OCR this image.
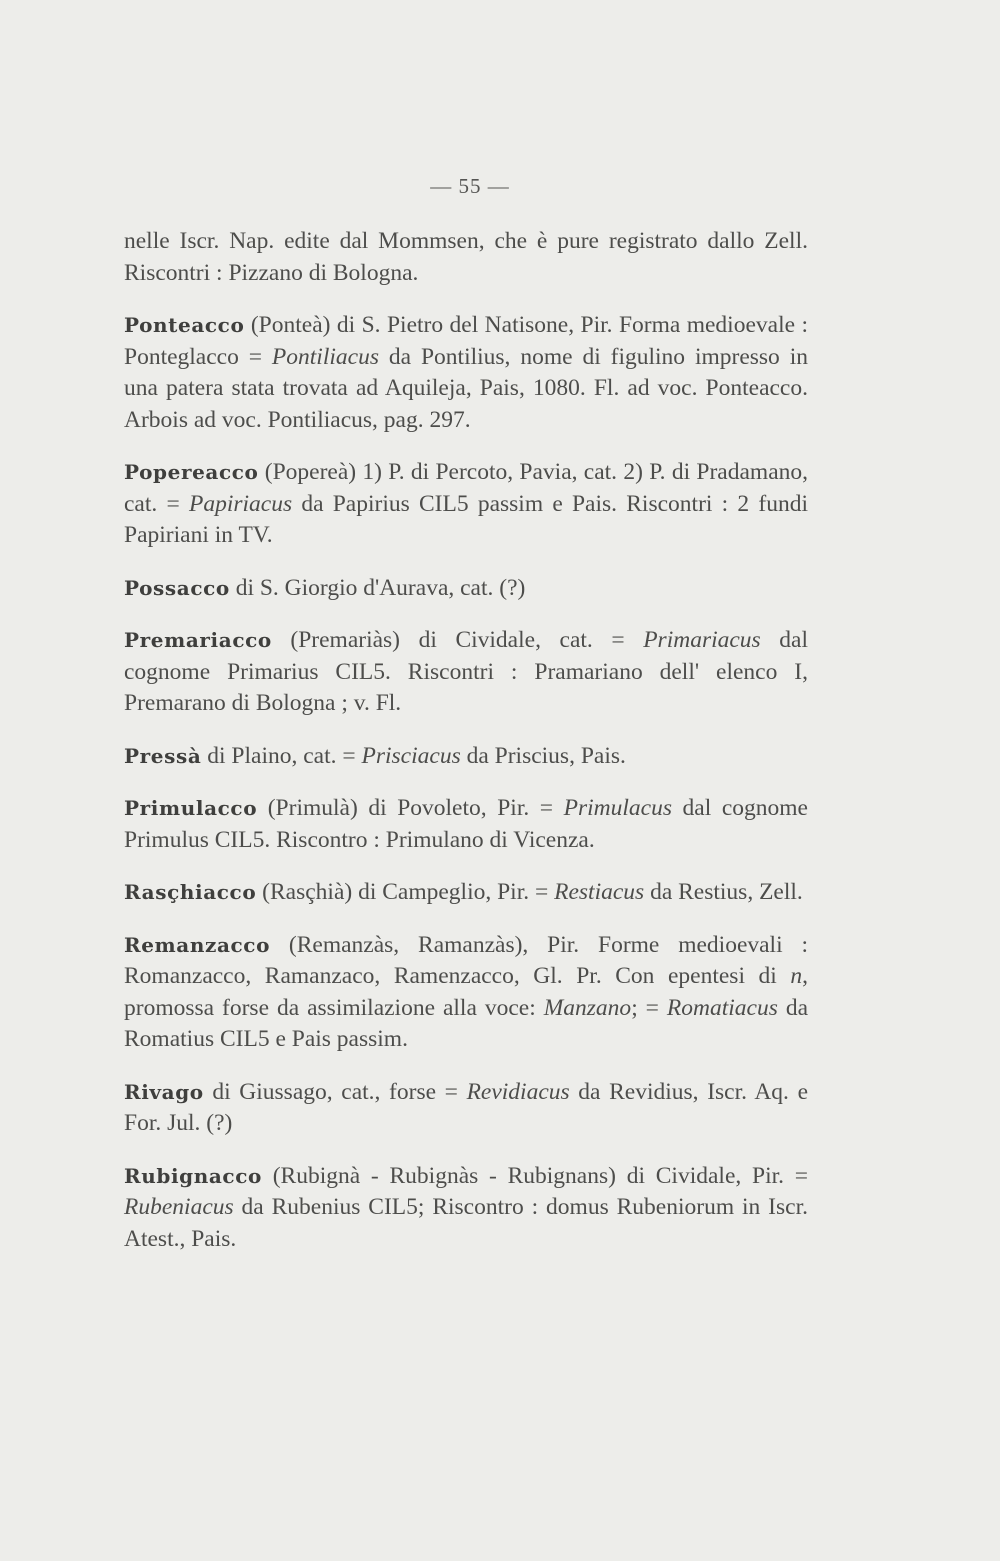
— 55 —

nelle Iscr. Nap. edite dal Mommsen, che è pure registrato dallo Zell. Riscontri : Pizzano di Bologna.

Ponteacco (Ponteà) di S. Pietro del Natisone, Pir. Forma medioevale : Ponteglacco = Pontiliacus da Pontilius, nome di figulino impresso in una patera stata trovata ad Aquileja, Pais, 1080. Fl. ad voc. Ponteacco. Arbois ad voc. Pontiliacus, pag. 297.

Popereacco (Popereà) 1) P. di Percoto, Pavia, cat. 2) P. di Pradamano, cat. = Papiriacus da Papirius CIL5 passim e Pais. Riscontri : 2 fundi Papiriani in TV.

Possacco di S. Giorgio d'Aurava, cat. (?)

Premariacco (Premariàs) di Cividale, cat. = Primariacus dal cognome Primarius CIL5. Riscontri : Pramariano dell' elenco I, Premarano di Bologna ; v. Fl.

Pressà di Plaino, cat. = Prisciacus da Priscius, Pais.

Primulacco (Primulà) di Povoleto, Pir. = Primulacus dal cognome Primulus CIL5. Riscontro : Primulano di Vicenza.

Rasçhiacco (Rasçhià) di Campeglio, Pir. = Restiacus da Restius, Zell.

Remanzacco (Remanzàs, Ramanzàs), Pir. Forme medioevali : Romanzacco, Ramanzaco, Ramenzacco, Gl. Pr. Con epentesi di n, promossa forse da assimilazione alla voce: Manzano; = Romatiacus da Romatius CIL5 e Pais passim.

Rivago di Giussago, cat., forse = Revidiacus da Revidius, Iscr. Aq. e For. Jul. (?)

Rubignacco (Rubignà - Rubignàs - Rubignans) di Cividale, Pir. = Rubeniacus da Rubenius CIL5; Riscontro : domus Rubeniorum in Iscr. Atest., Pais.
